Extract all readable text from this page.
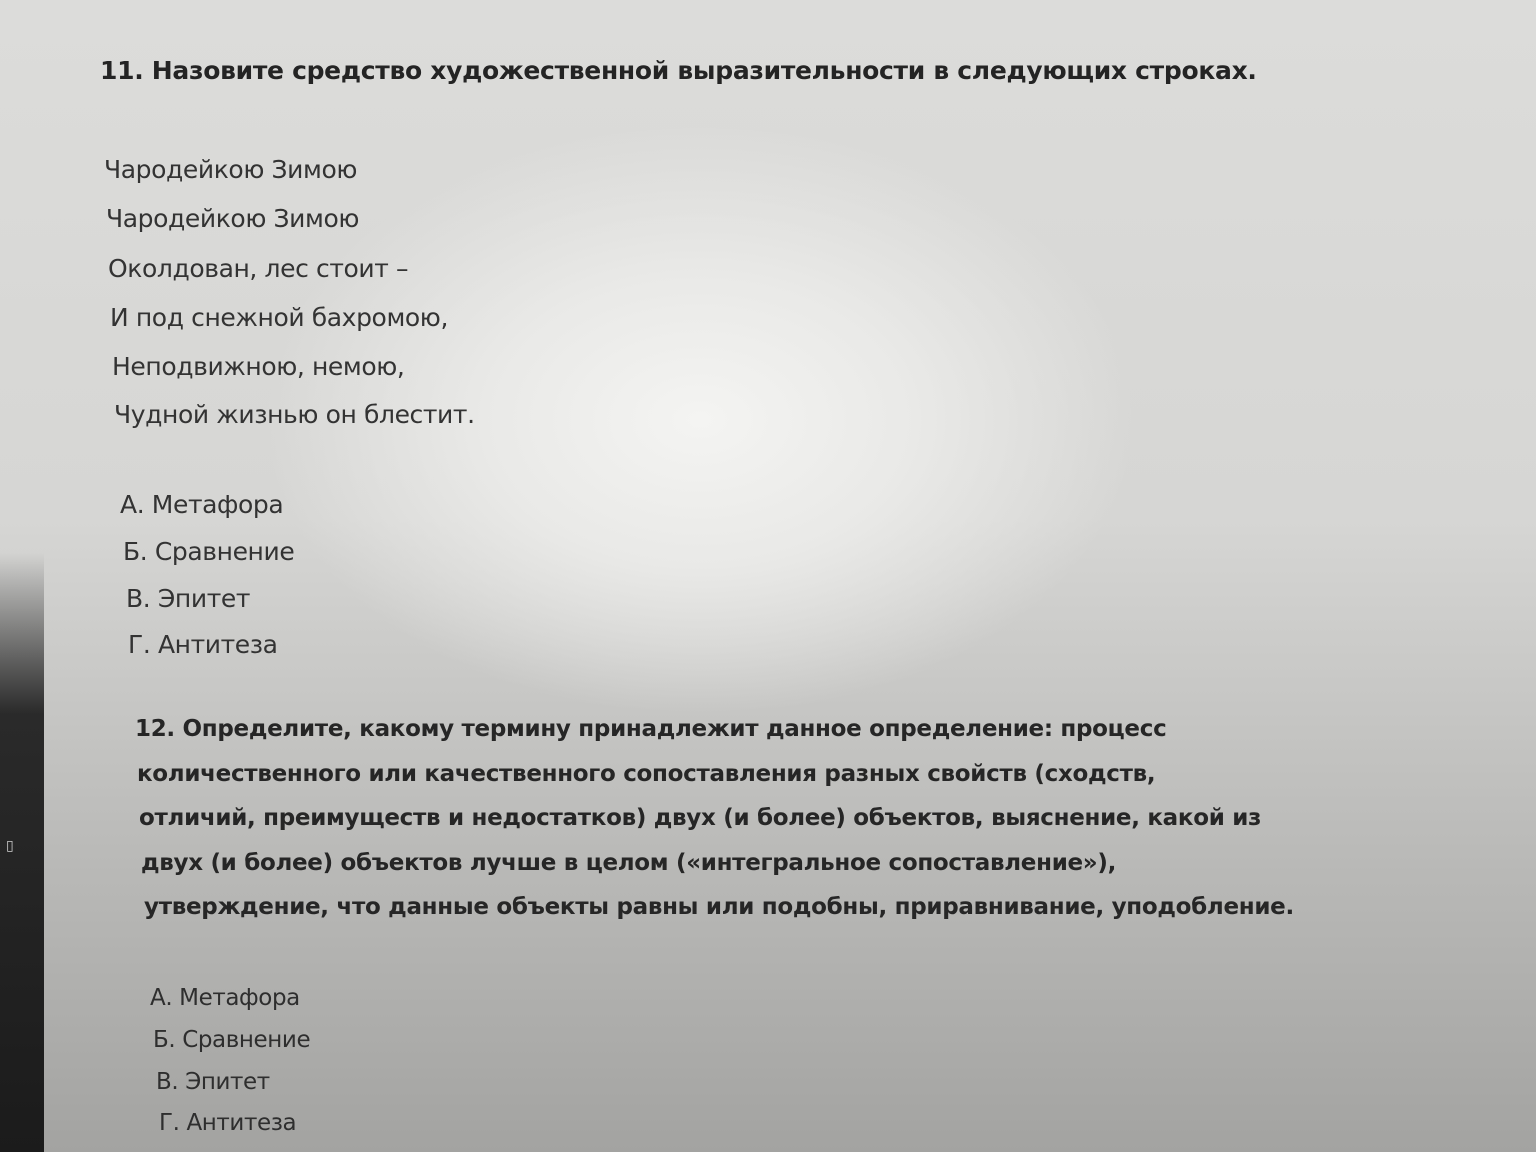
▯
11. Назовите средство художественной выразительности в следующих строках.
Чародейкою Зимою
Чародейкою Зимою
Околдован, лес стоит –
И под снежной бахромою,
Неподвижною, немою,
Чудной жизнью он блестит.
А. Метафора
Б. Сравнение
В. Эпитет
Г. Антитеза
12. Определите, какому термину принадлежит данное определение: процесс
количественного или качественного сопоставления разных свойств (сходств,
отличий, преимуществ и недостатков) двух (и более) объектов, выяснение, какой из
двух (и более) объектов лучше в целом («интегральное сопоставление»),
утверждение, что данные объекты равны или подобны, приравнивание, уподобление.
А. Метафора
Б. Сравнение
В. Эпитет
Г. Антитеза
